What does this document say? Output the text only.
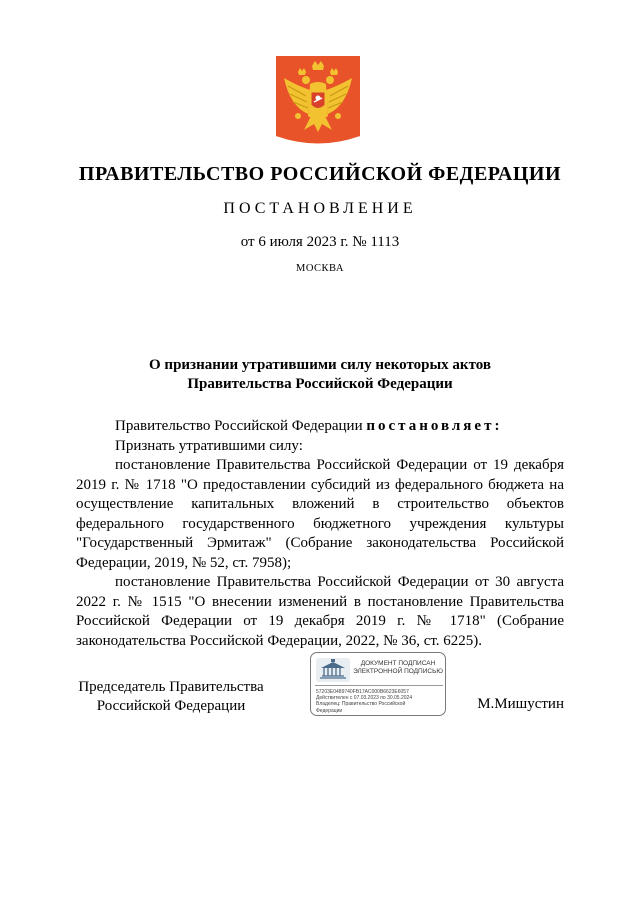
ПРАВИТЕЛЬСТВО РОССИЙСКОЙ ФЕДЕРАЦИИ
ПОСТАНОВЛЕНИЕ
от 6 июля 2023 г. № 1113
МОСКВА
О признании утратившими силу некоторых актов
Правительства Российской Федерации

Правительство Российской Федерации постановляет:

Признать утратившими силу:

постановление Правительства Российской Федерации от 19 декабря 2019 г. № 1718 "О предоставлении субсидий из федерального бюджета на осуществление капитальных вложений в строительство объектов федерального государственного бюджетного учреждения культуры "Государственный Эрмитаж" (Собрание законодательства Российской Федерации, 2019, № 52, ст. 7958);

постановление Правительства Российской Федерации от 30 августа 2022 г. № 1515 "О внесении изменений в постановление Правительства Российской Федерации от 19 декабря 2019 г. № 1718" (Собрание законодательства Российской Федерации, 2022, № 36, ст. 6225).

Председатель Правительства
Российской Федерации
ДОКУМЕНТ ПОДПИСАН
ЭЛЕКТРОННОЙ ПОДПИСЬЮ
57203E0489740FB17AC000B6623E6057
Действителен с 07.03.2023 по 30.05.2024
Владелец: Правительство Российской
Федерации	М.Мишустин
